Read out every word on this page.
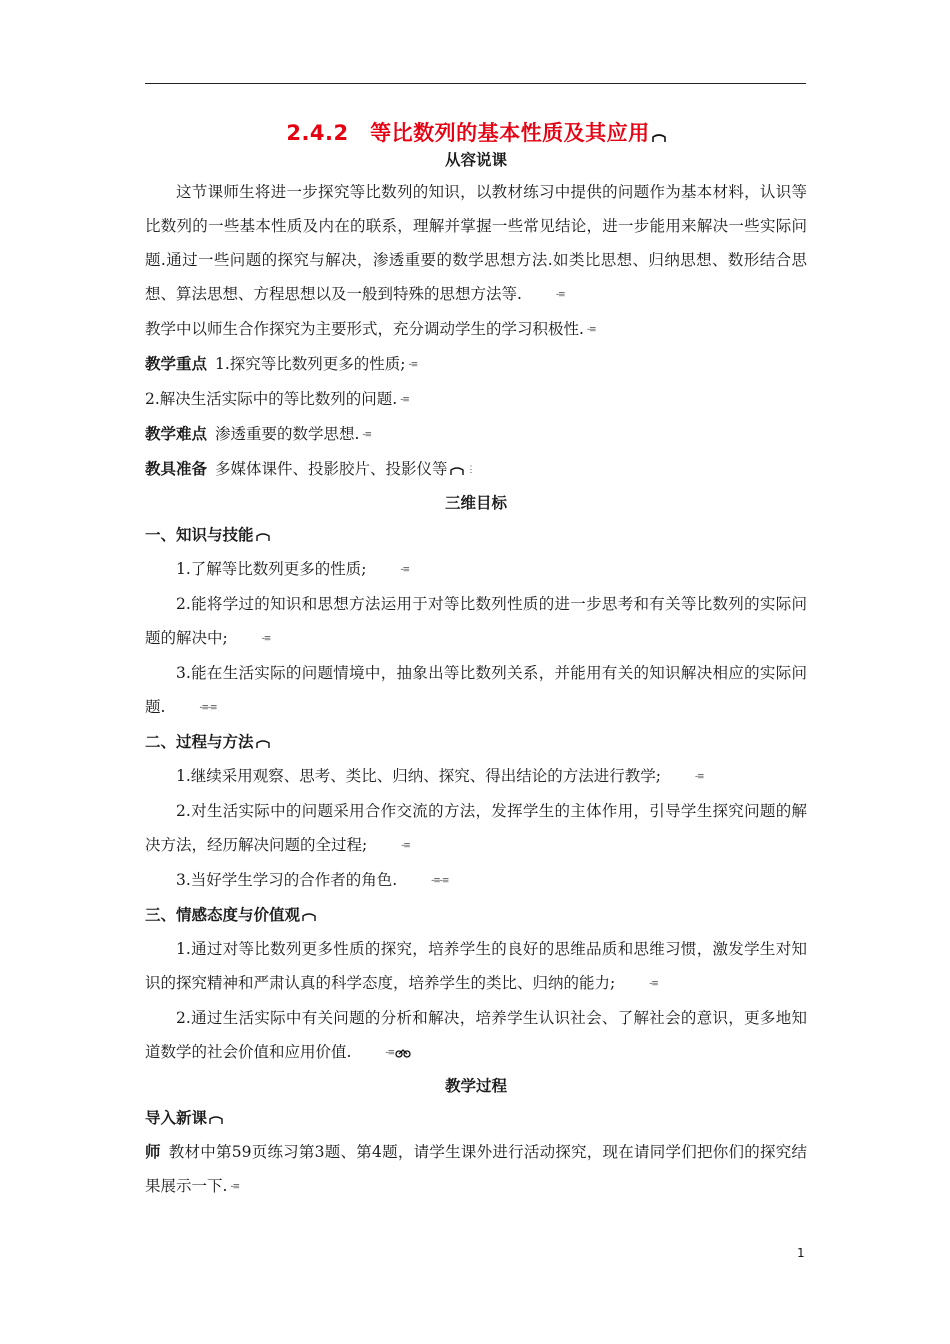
2.4.2　等比数列的基本性质及其应用
从容说课

这节课师生将进一步探究等比数列的知识，以教材练习中提供的问题作为基本材料，认识等比数列的一些基本性质及内在的联系，理解并掌握一些常见结论，进一步能用来解决一些实际问题.通过一些问题的探究与解决，渗透重要的数学思想方法.如类比思想、归纳思想、数形结合思想、算法思想、方程思想以及一般到特殊的思想方法等.	-≡

教学中以师生合作探究为主要形式，充分调动学生的学习积极性. -≡

教学重点 1.探究等比数列更多的性质; -≡

2.解决生活实际中的等比数列的问题. -≡

教学难点 渗透重要的数学思想. -≡

教具准备 多媒体课件、投影胶片、投影仪等 ⋮

三维目标

一、知识与技能

1.了解等比数列更多的性质;	-≡

2.能将学过的知识和思想方法运用于对等比数列性质的进一步思考和有关等比数列的实际问题的解决中;	-≡

3.能在生活实际的问题情境中，抽象出等比数列关系，并能用有关的知识解决相应的实际问题.	-≡-≡

二、过程与方法

1.继续采用观察、思考、类比、归纳、探究、得出结论的方法进行教学;	-≡

2.对生活实际中的问题采用合作交流的方法，发挥学生的主体作用，引导学生探究问题的解决方法，经历解决问题的全过程;	-≡

3.当好学生学习的合作者的角色.	-≡-≡

三、情感态度与价值观

1.通过对等比数列更多性质的探究，培养学生的良好的思维品质和思维习惯，激发学生对知识的探究精神和严肃认真的科学态度，培养学生的类比、归纳的能力;	-≡

2.通过生活实际中有关问题的分析和解决，培养学生认识社会、了解社会的意识，更多地知道数学的社会价值和应用价值.	-≡

教学过程

导入新课

师 教材中第59页练习第3题、第4题，请学生课外进行活动探究，现在请同学们把你们的探究结果展示一下. -≡

1
